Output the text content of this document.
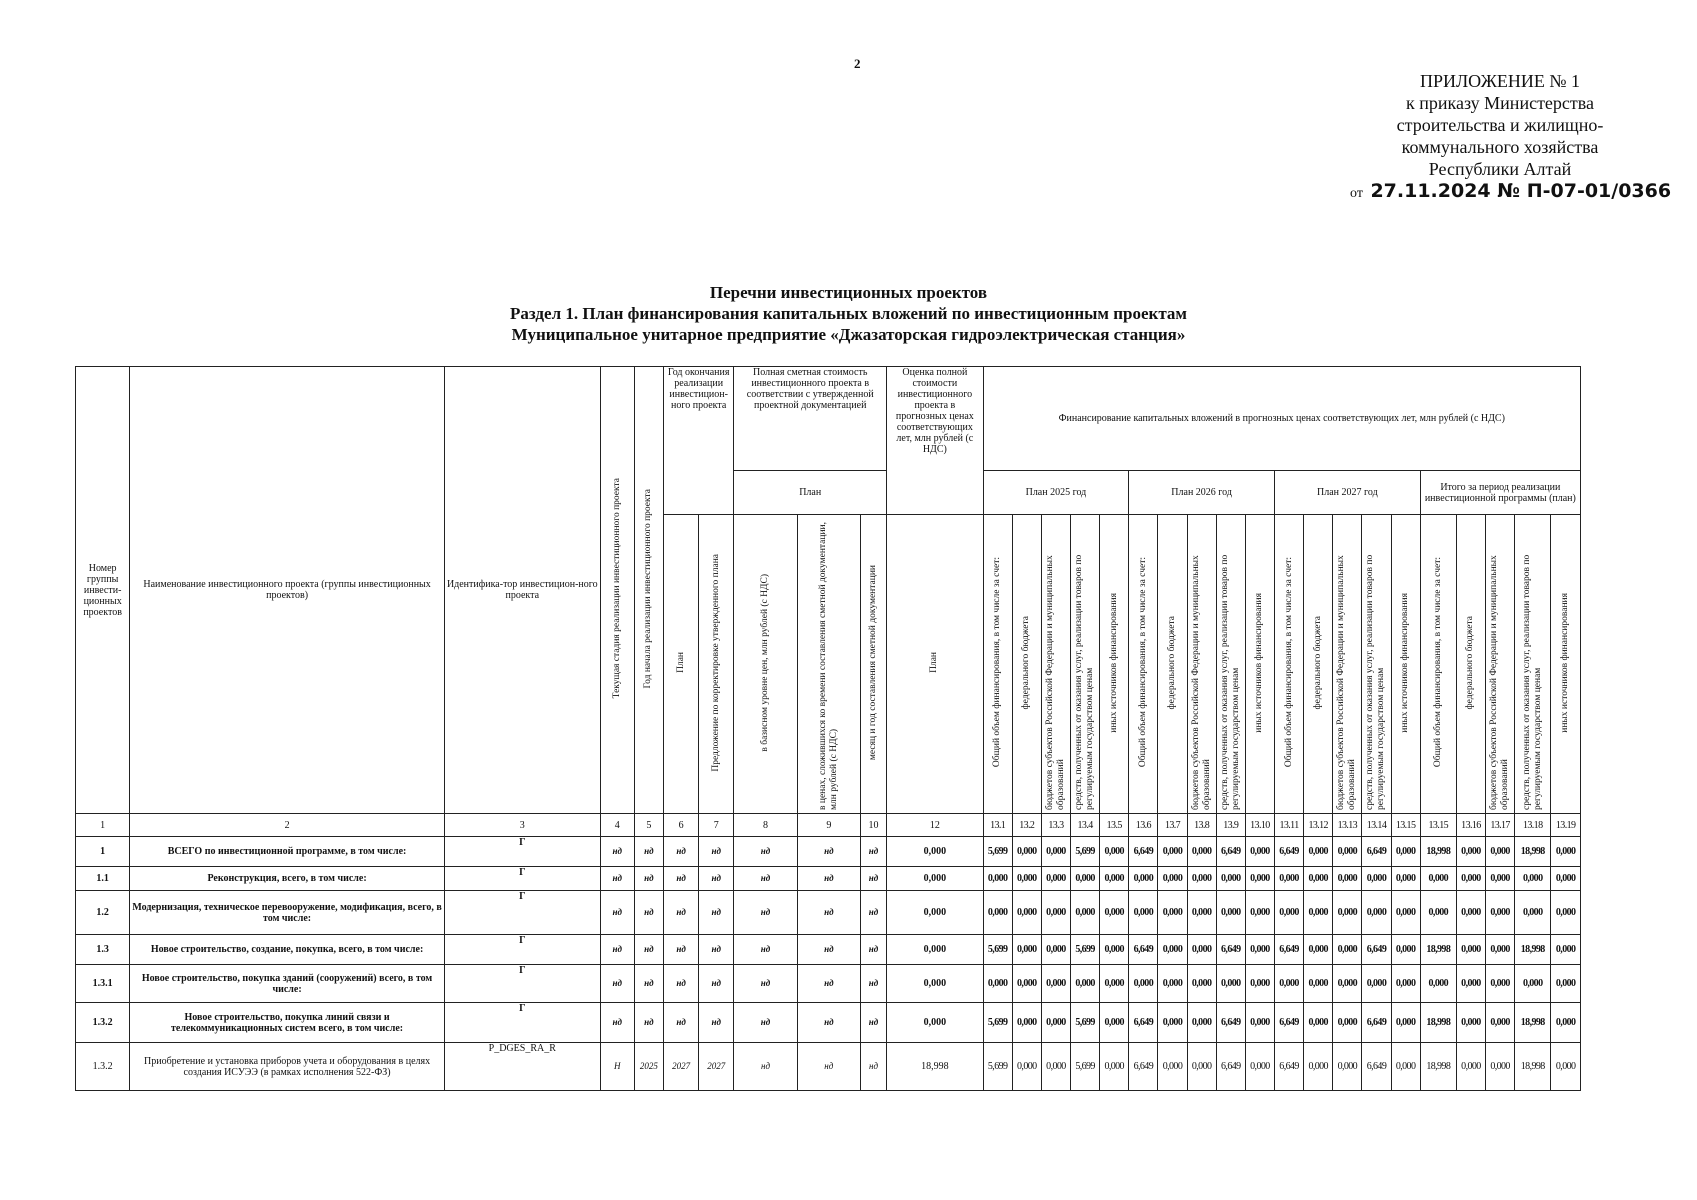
2
ПРИЛОЖЕНИЕ № 1
к приказу Министерства
строительства и жилищно-
коммунального хозяйства
Республики Алтай
от 27.11.2024 № П-07-01/0366
Перечни инвестиционных проектов
Раздел 1. План финансирования капитальных вложений по инвестиционным проектам
Муниципальное унитарное предприятие «Джазаторская гидроэлектрическая станция»
Номер группы инвести-ционных проектов	Наименование инвестиционного проекта (группы инвестиционных проектов)	Идентифика-тор инвестицион-ного проекта	Текущая стадия реализации инвестиционного проекта	Год начала реализации инвестиционного проекта	Год окончания реализации инвестицион-ного проекта		Полная сметная стоимость инвестиционного проекта в соответствии с утвержденной проектной документацией			Оценка полной стоимости инвестиционного проекта в прогнозных ценах соответствующих лет, млн рублей (с НДС)	Финансирование капитальных вложений в прогнозных ценах соответствующих лет, млн рублей (с НДС)																			
							План				План 2025 год					План 2026 год					План 2027 год					Итого за период реализации инвестиционной программы (план)				
					План	Предложение по корректировке утвержденного плана	в базисном уровне цен, млн рублей (с НДС)	в ценах, сложившихся ко времени составления сметной документации, млн рублей (с НДС)	месяц и год составления сметной документации	План	Общий объем финансирования, в том числе за счет:	федерального бюджета	бюджетов субъектов Российской Федерации и муниципальных образований	средств, полученных от оказания услуг, реализации товаров по регулируемым государством ценам	иных источников финансирования	Общий объем финансирования, в том числе за счет:	федерального бюджета	бюджетов субъектов Российской Федерации и муниципальных образований	средств, полученных от оказания услуг, реализации товаров по регулируемым государством ценам	иных источников финансирования	Общий объем финансирования, в том числе за счет:	федерального бюджета	бюджетов субъектов Российской Федерации и муниципальных образований	средств, полученных от оказания услуг, реализации товаров по регулируемым государством ценам	иных источников финансирования	Общий объем финансирования, в том числе за счет:	федерального бюджета	бюджетов субъектов Российской Федерации и муниципальных образований	средств, полученных от оказания услуг, реализации товаров по регулируемым государством ценам	иных источников финансирования
1	2	3	4	5	6	7	8	9	10	12	13.1	13.2	13.3	13.4	13.5	13.6	13.7	13.8	13.9	13.10	13.11	13.12	13.13	13.14	13.15	13.15	13.16	13.17	13.18	13.19
1	ВСЕГО по инвестиционной программе, в том числе:	Г	нд	нд	нд	нд	нд	нд	нд	0,000	5,699	0,000	0,000	5,699	0,000	6,649	0,000	0,000	6,649	0,000	6,649	0,000	0,000	6,649	0,000	18,998	0,000	0,000	18,998	0,000
1.1	Реконструкция, всего, в том числе:	Г	нд	нд	нд	нд	нд	нд	нд	0,000	0,000	0,000	0,000	0,000	0,000	0,000	0,000	0,000	0,000	0,000	0,000	0,000	0,000	0,000	0,000	0,000	0,000	0,000	0,000	0,000
1.2	Модернизация, техническое перевооружение, модификация, всего, в том числе:	Г	нд	нд	нд	нд	нд	нд	нд	0,000	0,000	0,000	0,000	0,000	0,000	0,000	0,000	0,000	0,000	0,000	0,000	0,000	0,000	0,000	0,000	0,000	0,000	0,000	0,000	0,000
1.3	Новое строительство, создание, покупка, всего, в том числе:	Г	нд	нд	нд	нд	нд	нд	нд	0,000	5,699	0,000	0,000	5,699	0,000	6,649	0,000	0,000	6,649	0,000	6,649	0,000	0,000	6,649	0,000	18,998	0,000	0,000	18,998	0,000
1.3.1	Новое строительство, покупка зданий (сооружений) всего, в том числе:	Г	нд	нд	нд	нд	нд	нд	нд	0,000	0,000	0,000	0,000	0,000	0,000	0,000	0,000	0,000	0,000	0,000	0,000	0,000	0,000	0,000	0,000	0,000	0,000	0,000	0,000	0,000
1.3.2	Новое строительство, покупка линий связи и телекоммуникационных систем всего, в том числе:	Г	нд	нд	нд	нд	нд	нд	нд	0,000	5,699	0,000	0,000	5,699	0,000	6,649	0,000	0,000	6,649	0,000	6,649	0,000	0,000	6,649	0,000	18,998	0,000	0,000	18,998	0,000
1.3.2	Приобретение и установка приборов учета и оборудования в целях создания ИСУЭЭ (в рамках исполнения 522-ФЗ)	P_DGES_RA_R	Н	2025	2027	2027	нд	нд	нд	18,998	5,699	0,000	0,000	5,699	0,000	6,649	0,000	0,000	6,649	0,000	6,649	0,000	0,000	6,649	0,000	18,998	0,000	0,000	18,998	0,000
